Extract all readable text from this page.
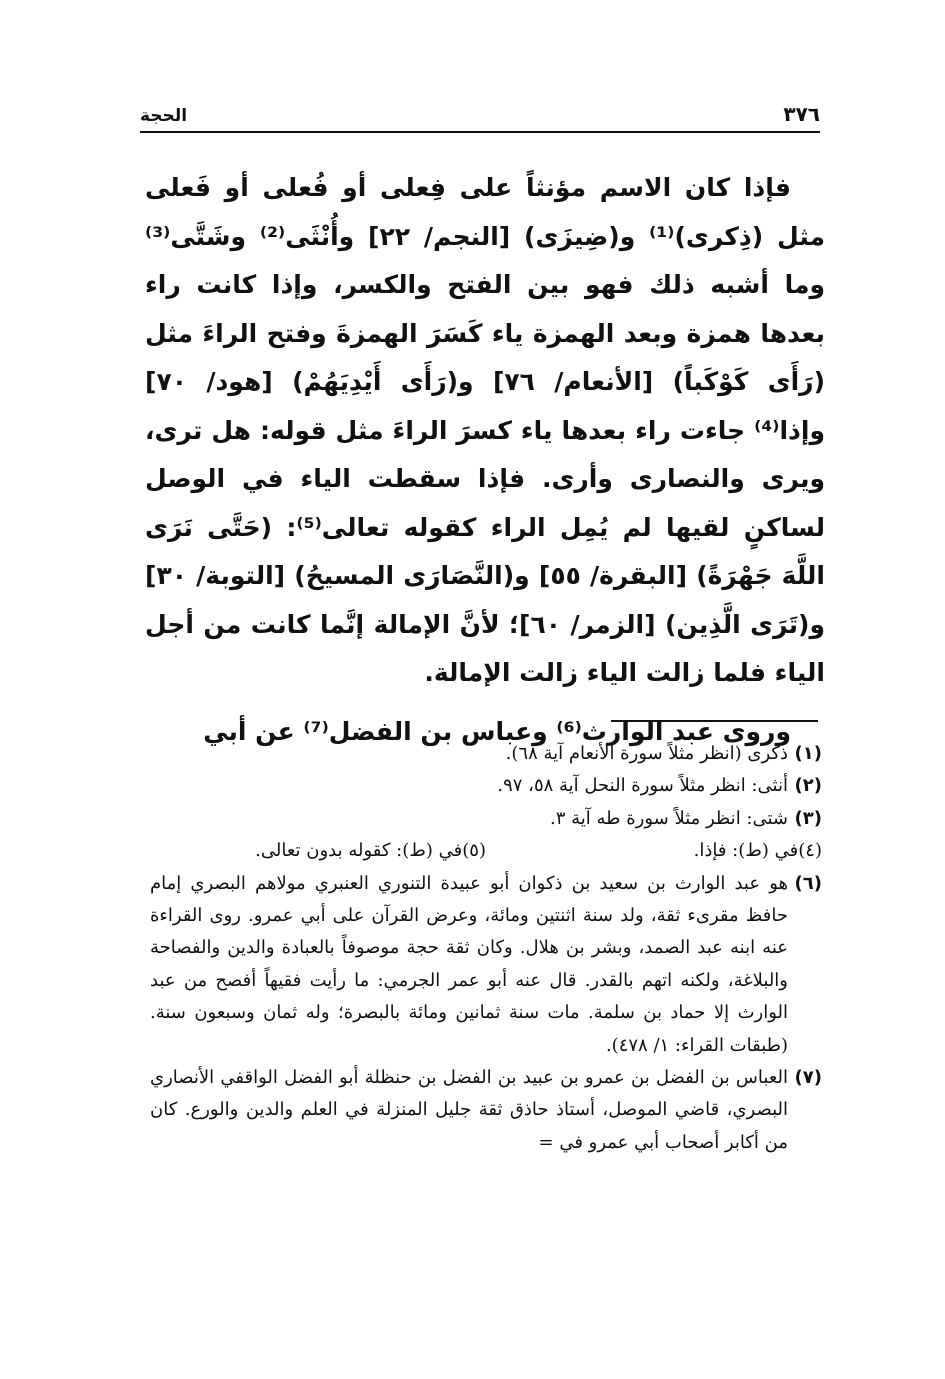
٣٧٦
الحجة

فإذا كان الاسم مؤنثاً على فِعلى أو فُعلى أو فَعلى مثل (ذِكرى)⁽¹⁾ و(ضِيزَى) [النجم/ ٢٢] وأُنْثَى⁽²⁾ وشَتَّى⁽³⁾ وما أشبه ذلك فهو بين الفتح والكسر، وإذا كانت راء بعدها همزة وبعد الهمزة ياء كَسَرَ الهمزةَ وفتح الراءَ مثل (رَأَى كَوْكَباً) [الأنعام/ ٧٦] و(رَأَى أَيْدِيَهُمْ) [هود/ ٧٠] وإذا⁽⁴⁾ جاءت راء بعدها ياء كسرَ الراءَ مثل قوله: هل ترى، ويرى والنصارى وأرى. فإذا سقطت الياء في الوصل لساكنٍ لقيها لم يُمِل الراء كقوله تعالى⁽⁵⁾: (حَتَّى نَرَى اللَّهَ جَهْرَةً) [البقرة/ ٥٥] و(النَّصَارَى المسيحُ) [التوبة/ ٣٠] و(تَرَى الَّذِين) [الزمر/ ٦٠]؛ لأنَّ الإمالة إنَّما كانت من أجل الياء فلما زالت الياء زالت الإمالة.

وروى عبد الوارث⁽⁶⁾ وعباس بن الفضل⁽⁷⁾ عن أبي

(١)
ذكرى (انظر مثلاً سورة الأنعام آية ٦٨).
(٢)
أنثى: انظر مثلاً سورة النحل آية ٥٨، ٩٧.
(٣)
شتى: انظر مثلاً سورة طه آية ٣.
(٤)
في (ط): فإذا.
(٥)
في (ط): كقوله بدون تعالى.
(٦)
هو عبد الوارث بن سعيد بن ذكوان أبو عبيدة التنوري العنبري مولاهم البصري إمام حافظ مقرىء ثقة، ولد سنة اثنتين ومائة، وعرض القرآن على أبي عمرو. روى القراءة عنه ابنه عبد الصمد، وبشر بن هلال. وكان ثقة حجة موصوفاً بالعبادة والدين والفصاحة والبلاغة، ولكنه اتهم بالقدر. قال عنه أبو عمر الجرمي: ما رأيت فقيهاً أفصح من عبد الوارث إلا حماد بن سلمة. مات سنة ثمانين ومائة بالبصرة؛ وله ثمان وسبعون سنة. (طبقات القراء: ١/ ٤٧٨).
(٧)
العباس بن الفضل بن عمرو بن عبيد بن الفضل بن حنظلة أبو الفضل الواقفي الأنصاري البصري، قاضي الموصل، أستاذ حاذق ثقة جليل المنزلة في العلم والدين والورع. كان من أكابر أصحاب أبي عمرو في =
